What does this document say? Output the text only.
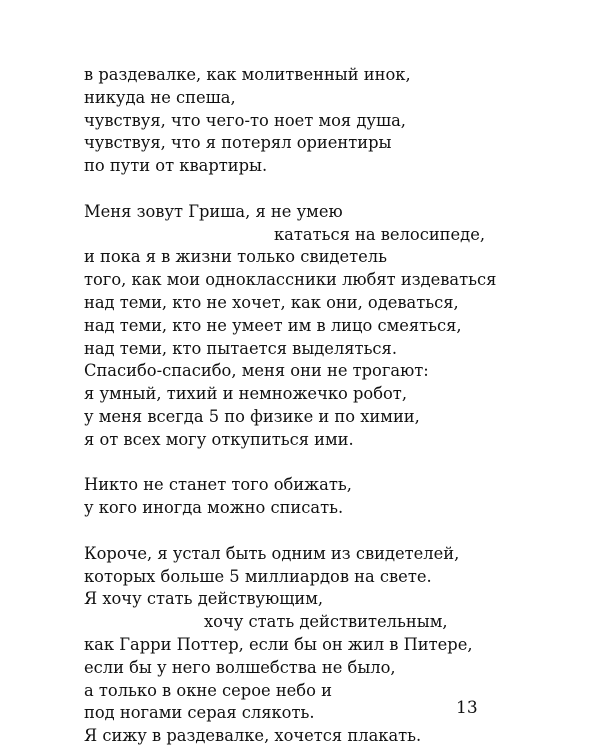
в раздевалке, как молитвенный инок,
никуда не спеша,
чувствуя, что чего-то ноет моя душа,
чувствуя, что я потерял ориентиры
по пути от квартиры.
Меня зовут Гриша, я не умею
кататься на велосипеде,
и пока я в жизни только свидетель
того, как мои одноклассники любят издеваться
над теми, кто не хочет, как они, одеваться,
над теми, кто не умеет им в лицо смеяться,
над теми, кто пытается выделяться.
Спасибо-спасибо, меня они не трогают:
я умный, тихий и немножечко робот,
у меня всегда 5 по физике и по химии,
я от всех могу откупиться ими.
Никто не станет того обижать,
у кого иногда можно списать.
Короче, я устал быть одним из свидетелей,
которых больше 5 миллиардов на свете.
Я хочу стать действующим,
хочу стать действительным,
как Гарри Поттер, если бы он жил в Питере,
если бы у него волшебства не было,
а только в окне серое небо и
под ногами серая слякоть.
Я сижу в раздевалке, хочется плакать.
13
